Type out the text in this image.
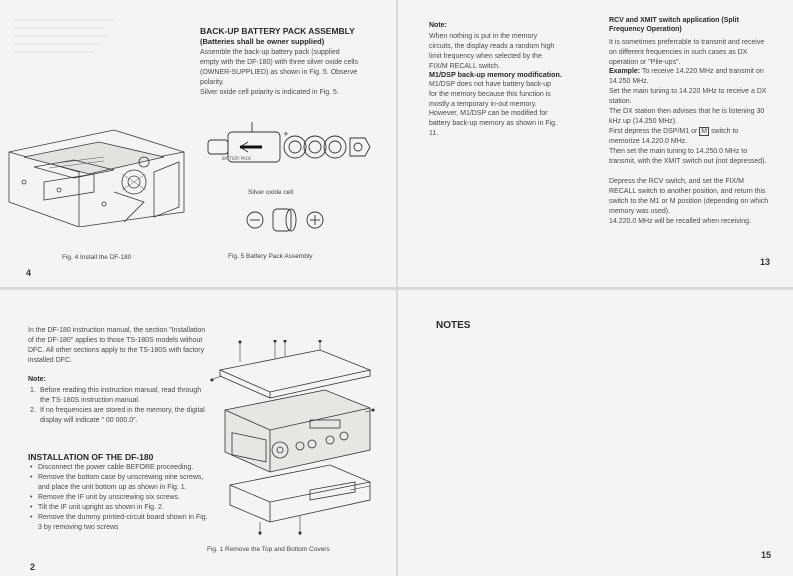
BACK-UP BATTERY PACK ASSEMBLY
(Batteries shall be owner supplied)
Assemble the back-up battery pack (supplied empty with the DF-180) with three silver oxide cells (OWNER-SUPPLIED) as shown in Fig. 5. Observe polarity.
Silver oxide cell polarity is indicated in Fig. 5.
Fig. 4 Install the DF-180
+
BATTERY PACK
Silver oxide cell
Fig. 5 Battery Pack Assembly
4
Note:
When nothing is put in the memory circuits, the display reads a random high limit frequency when selected by the FIX/M RECALL switch.
M1/DSP back-up memory modification.
M1/DSP does not have battery back-up for the memory because this function is mostly a temporary in-out memory.
However, M1/DSP can be modified for battery back-up memory as shown in Fig. 11.
RCV and XMIT switch application (Split Frequency Operation)
It is sometimes preferrable to transmit and receive on different frequencies in such cases as DX operation or "Pile-ups".
Example: To receive 14.220 MHz and transmit on 14.250 MHz.
Set the main tuning to 14.220 MHz to receive a DX station.
The DX station then advises that he is listening 30 kHz up (14.250 MHz).
First depress the DSP/M1 or M switch to memorize 14.220.0 MHz.
Then set the main tuning to 14.250.0 MHz to transmit, with the XMIT switch out (not depressed).
Depress the RCV switch, and set the FIX/M RECALL switch to another position, and return this switch to the M1 or M position (depending on which memory was used).
14.220.0 MHz will be recalled when receiving.
13
In the DF-180 instruction manual, the section "Installation of the DF-180" applies to those TS-180S models without DFC. All other sections apply to the TS-180S with factory installed DFC.
Note:
1. Before reading this instruction manual, read through the TS-180S instruction manual.
2. If no frequencies are stored in the memory, the digital display will indicate " 00 000.0".
INSTALLATION OF THE DF-180
• Disconnect the power cable BEFORE proceeding.
• Remove the bottom case by unscrewing nine screws, and place the unit bottom up as shown in Fig. 1.
• Remove the IF unit by unscrewing six screws.
• Tilt the IF unit upright as shown in Fig. 2.
• Remove the dummy printed-circuit board shown in Fig. 3 by removing two screws
Fig. 1 Remove the Top and Bottom Covers
2
NOTES
15
